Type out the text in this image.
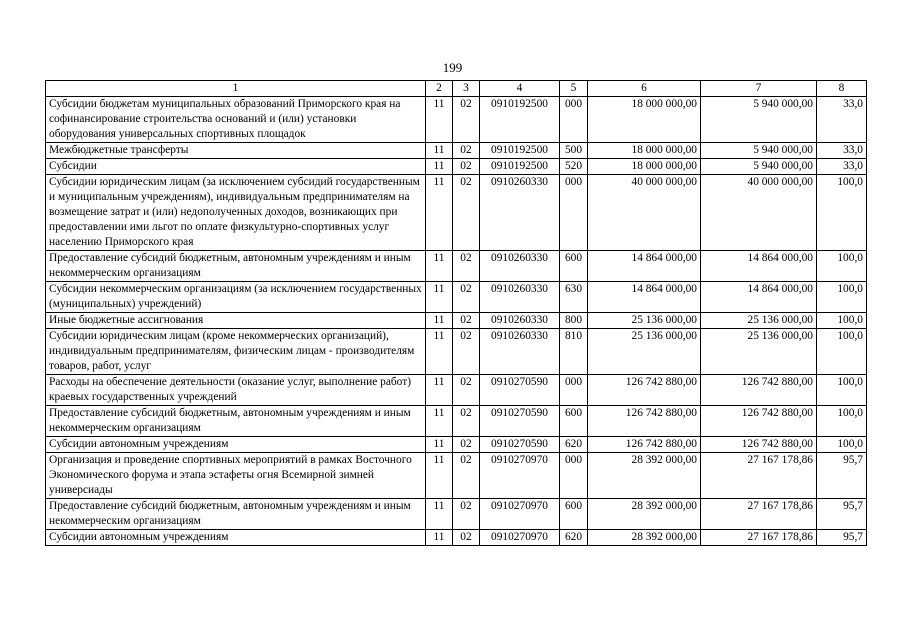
199
1	2	3	4	5	6	7	8
Субсидии бюджетам муниципальных образований Приморского края на софинансирование строительства оснований и (или) установки оборудования универсальных спортивных площадок	11	02	0910192500	000	18 000 000,00	5 940 000,00	33,0
Межбюджетные трансферты	11	02	0910192500	500	18 000 000,00	5 940 000,00	33,0
Субсидии	11	02	0910192500	520	18 000 000,00	5 940 000,00	33,0
Субсидии юридическим лицам (за исключением субсидий государственным и муниципальным учреждениям), индивидуальным предпринимателям на возмещение затрат и (или) недополученных доходов, возникающих при предоставлении ими льгот по оплате физкультурно-спортивных услуг населению Приморского края	11	02	0910260330	000	40 000 000,00	40 000 000,00	100,0
Предоставление субсидий бюджетным, автономным учреждениям и иным некоммерческим организациям	11	02	0910260330	600	14 864 000,00	14 864 000,00	100,0
Субсидии некоммерческим организациям (за исключением государственных (муниципальных) учреждений)	11	02	0910260330	630	14 864 000,00	14 864 000,00	100,0
Иные бюджетные ассигнования	11	02	0910260330	800	25 136 000,00	25 136 000,00	100,0
Субсидии юридическим лицам (кроме некоммерческих организаций), индивидуальным предпринимателям, физическим лицам - производителям товаров, работ, услуг	11	02	0910260330	810	25 136 000,00	25 136 000,00	100,0
Расходы на обеспечение деятельности (оказание услуг, выполнение работ) краевых государственных учреждений	11	02	0910270590	000	126 742 880,00	126 742 880,00	100,0
Предоставление субсидий бюджетным, автономным учреждениям и иным некоммерческим организациям	11	02	0910270590	600	126 742 880,00	126 742 880,00	100,0
Субсидии автономным учреждениям	11	02	0910270590	620	126 742 880,00	126 742 880,00	100,0
Организация и проведение спортивных мероприятий в рамках Восточного Экономического форума и этапа эстафеты огня Всемирной зимней универсиады	11	02	0910270970	000	28 392 000,00	27 167 178,86	95,7
Предоставление субсидий бюджетным, автономным учреждениям и иным некоммерческим организациям	11	02	0910270970	600	28 392 000,00	27 167 178,86	95,7
Субсидии автономным учреждениям	11	02	0910270970	620	28 392 000,00	27 167 178,86	95,7
